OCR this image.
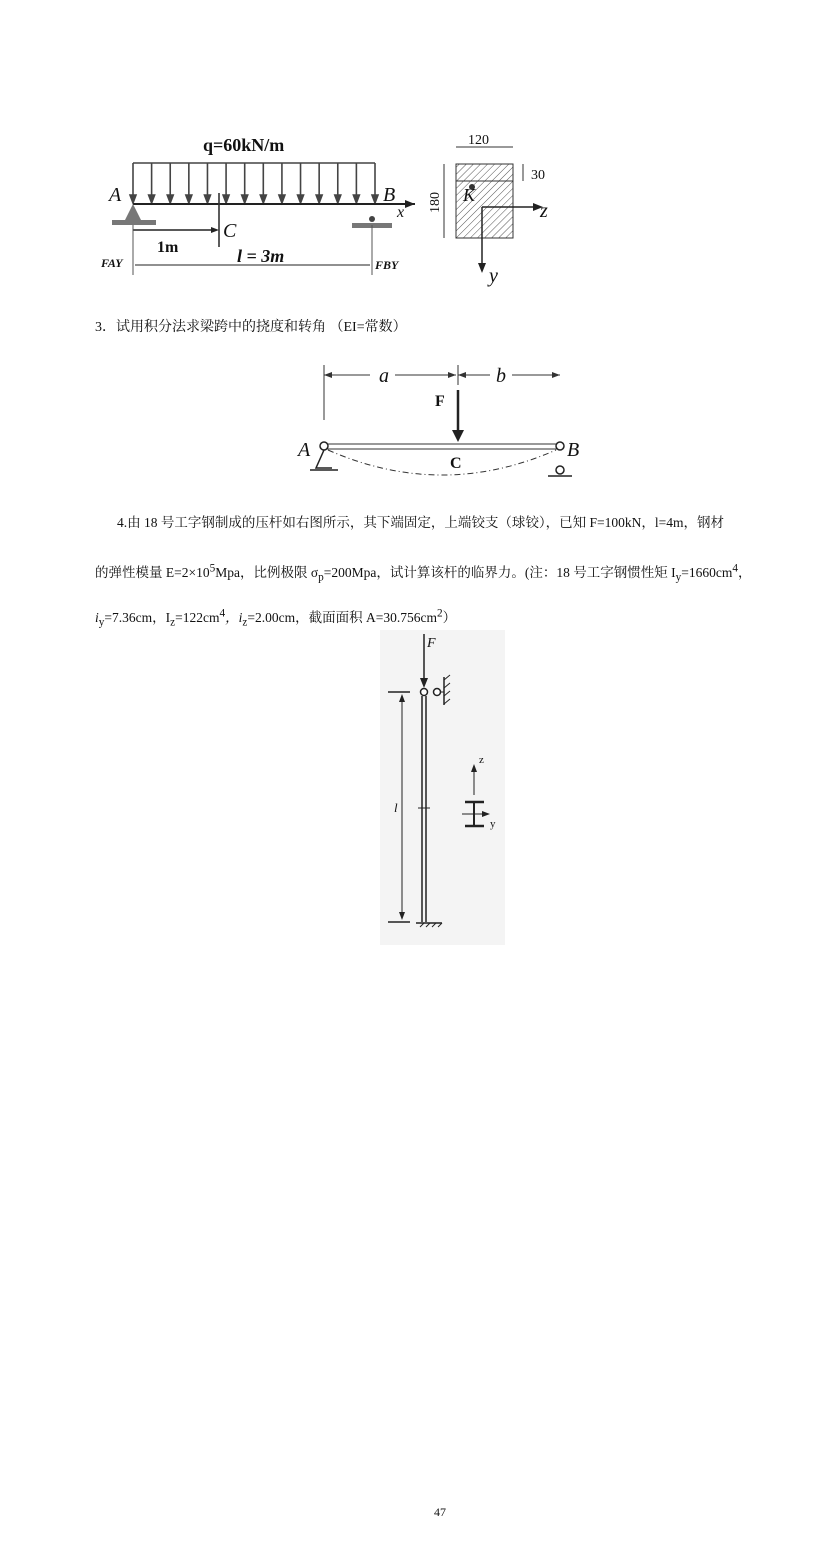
q=60kN/m
A	B
x
C
1m	l = 3m
FAY	FBY
120
180
30
K
z
y
3．试用积分法求梁跨中的挠度和转角 （EI=常数）
a	b
F
A	B
C
4.由 18 号工字钢制成的压杆如右图所示，其下端固定，上端铰支（球铰），已知 F=100kN，l=4m，钢材
的弹性模量 $E=2\times 10^5Mpa$，比例极限 $\sigma_p=200Mpa$，试计算该杆的临界力。(注：18 号工字钢惯性矩 $I_y=1660cm^4$，
$i_y=7.36cm$，$I_z=122cm^4$，$i_z=2.00cm$，截面面积 $A=30.756cm^2$）
F
l
z
y
47
